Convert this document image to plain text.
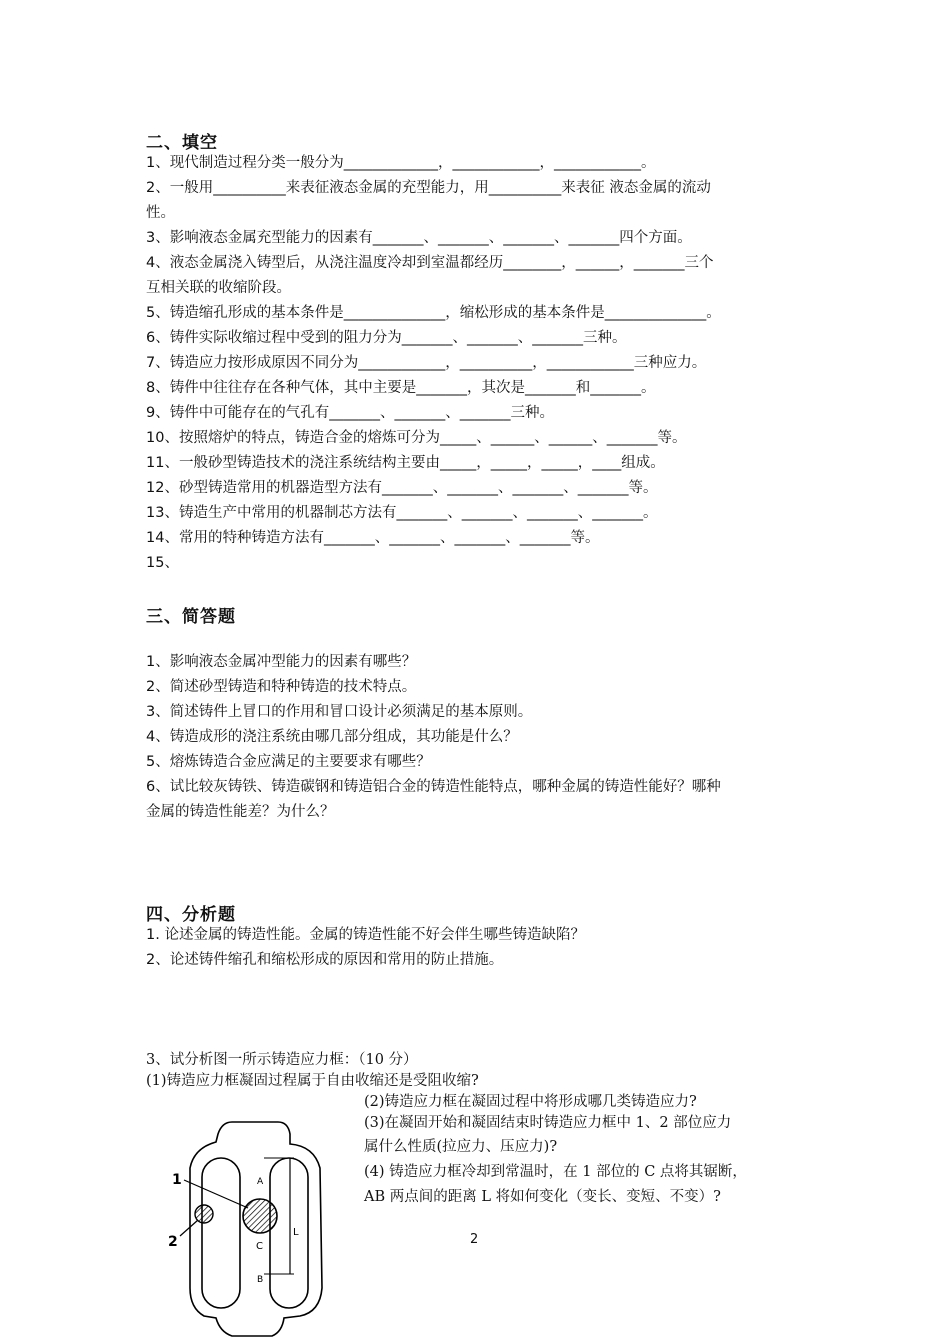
二、填空
1、现代制造过程分类一般分为_____________，____________，____________。
2、一般用__________来表征液态金属的充型能力，用__________来表征 液态金属的流动
性。
3、影响液态金属充型能力的因素有_______、_______、_______、_______四个方面。
4、液态金属浇入铸型后，从浇注温度冷却到室温都经历________，______，_______三个
互相关联的收缩阶段。
5、铸造缩孔形成的基本条件是______________，缩松形成的基本条件是______________。
6、铸件实际收缩过程中受到的阻力分为_______、_______、_______三种。
7、铸造应力按形成原因不同分为____________，__________，____________三种应力。
8、铸件中往往存在各种气体，其中主要是_______，其次是_______和_______。
9、铸件中可能存在的气孔有_______、_______、_______三种。
10、按照熔炉的特点，铸造合金的熔炼可分为_____、______、______、_______等。
11、一般砂型铸造技术的浇注系统结构主要由_____，_____，_____，____组成。
12、砂型铸造常用的机器造型方法有_______、_______、_______、_______等。
13、铸造生产中常用的机器制芯方法有_______、_______、_______、_______。
14、常用的特种铸造方法有_______、_______、_______、_______等。
15、
三、简答题
1、影响液态金属冲型能力的因素有哪些？
2、简述砂型铸造和特种铸造的技术特点。
3、简述铸件上冒口的作用和冒口设计必须满足的基本原则。
4、铸造成形的浇注系统由哪几部分组成，其功能是什么？
5、熔炼铸造合金应满足的主要要求有哪些？
6、试比较灰铸铁、铸造碳钢和铸造铝合金的铸造性能特点，哪种金属的铸造性能好？哪种
金属的铸造性能差？为什么？
四、分析题
1. 论述金属的铸造性能。金属的铸造性能不好会伴生哪些铸造缺陷？
2、论述铸件缩孔和缩松形成的原因和常用的防止措施。
3、试分析图一所示铸造应力框：（10 分）
(1)铸造应力框凝固过程属于自由收缩还是受阻收缩?
(2)铸造应力框在凝固过程中将形成哪几类铸造应力?
(3)在凝固开始和凝固结束时铸造应力框中 1、2 部位应力
属什么性质(拉应力、压应力)?
(4) 铸造应力框冷却到常温时，在 1 部位的 C 点将其锯断，
AB 两点间的距离 L 将如何变化（变长、变短、不变）?
1
2
A
C
B
L	2
